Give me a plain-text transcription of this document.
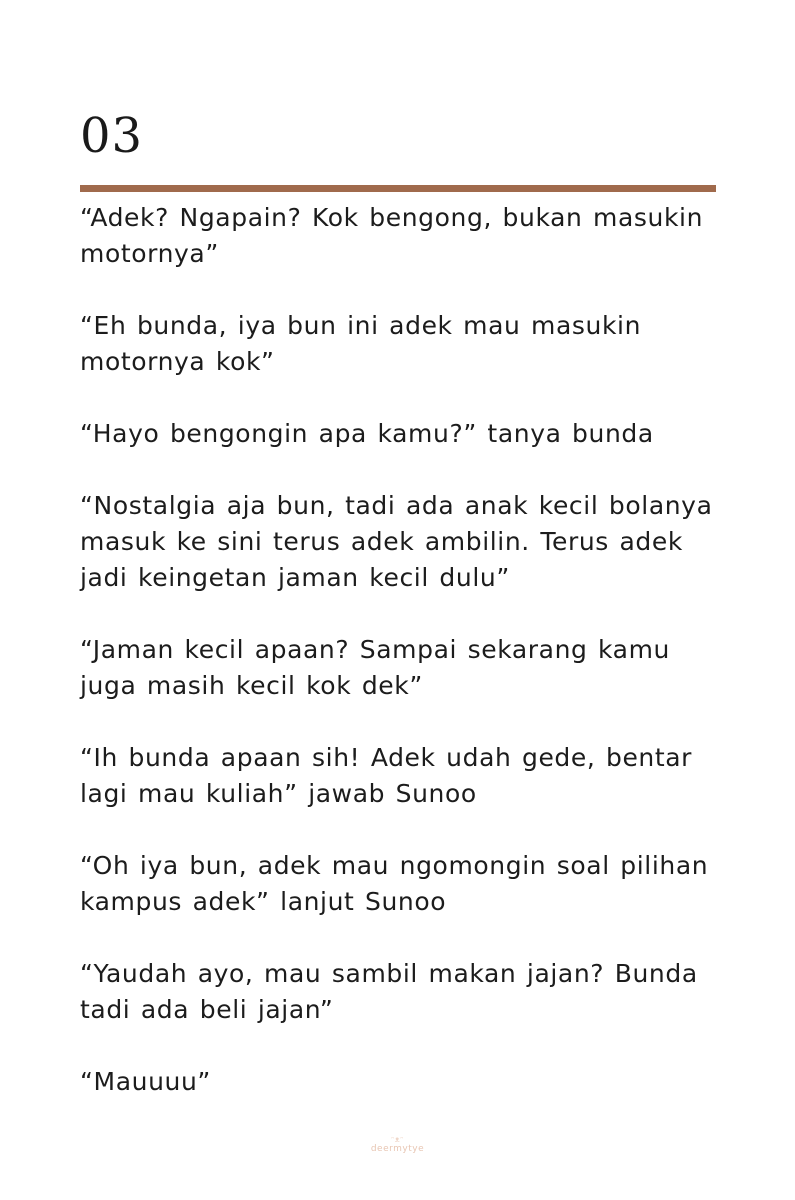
03

“Adek? Ngapain? Kok bengong, bukan masukin motornya”

“Eh bunda, iya bun ini adek mau masukin motornya kok”

“Hayo bengongin apa kamu?” tanya bunda

“Nostalgia aja bun, tadi ada anak kecil bolanya masuk ke sini terus adek ambilin. Terus adek jadi keingetan jaman kecil dulu”

“Jaman kecil apaan? Sampai sekarang kamu juga masih kecil kok dek”

“Ih bunda apaan sih! Adek udah gede, bentar lagi mau kuliah” jawab Sunoo

“Oh iya bun, adek mau ngomongin soal pilihan kampus adek” lanjut Sunoo

“Yaudah ayo, mau sambil makan jajan? Bunda tadi ada beli jajan”

“Mauuuu”

ᵔᴥᵔ
deermytye
